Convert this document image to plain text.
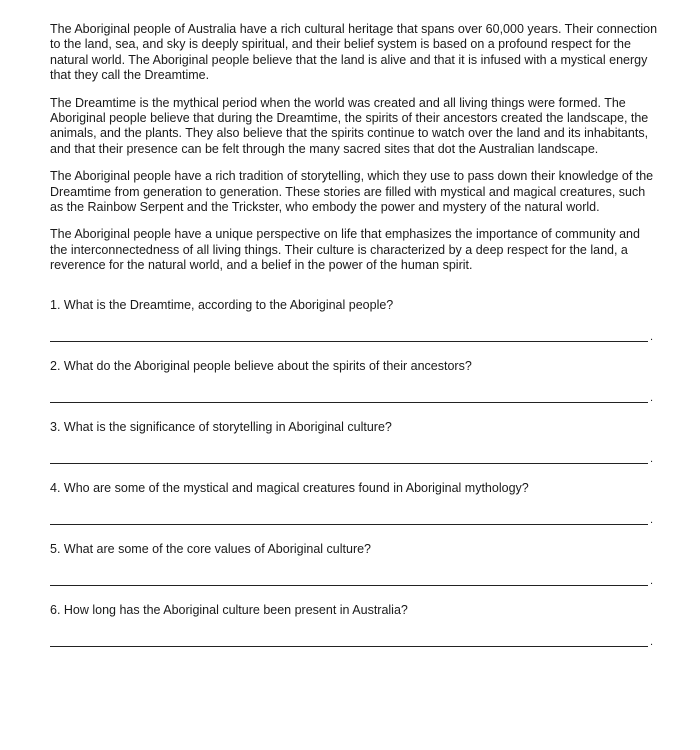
The Aboriginal people of Australia have a rich cultural heritage that spans over 60,000 years. Their connection to the land, sea, and sky is deeply spiritual, and their belief system is based on a profound respect for the natural world. The Aboriginal people believe that the land is alive and that it is infused with a mystical energy that they call the Dreamtime.

The Dreamtime is the mythical period when the world was created and all living things were formed. The Aboriginal people believe that during the Dreamtime, the spirits of their ancestors created the landscape, the animals, and the plants. They also believe that the spirits continue to watch over the land and its inhabitants, and that their presence can be felt through the many sacred sites that dot the Australian landscape.

The Aboriginal people have a rich tradition of storytelling, which they use to pass down their knowledge of the Dreamtime from generation to generation. These stories are filled with mystical and magical creatures, such as the Rainbow Serpent and the Trickster, who embody the power and mystery of the natural world.

The Aboriginal people have a unique perspective on life that emphasizes the importance of community and the interconnectedness of all living things. Their culture is characterized by a deep respect for the land, a reverence for the natural world, and a belief in the power of the human spirit.

1. What is the Dreamtime, according to the Aboriginal people?

.

2. What do the Aboriginal people believe about the spirits of their ancestors?

.

3. What is the significance of storytelling in Aboriginal culture?

.

4. Who are some of the mystical and magical creatures found in Aboriginal mythology?

.

5. What are some of the core values of Aboriginal culture?

.

6. How long has the Aboriginal culture been present in Australia?

.
